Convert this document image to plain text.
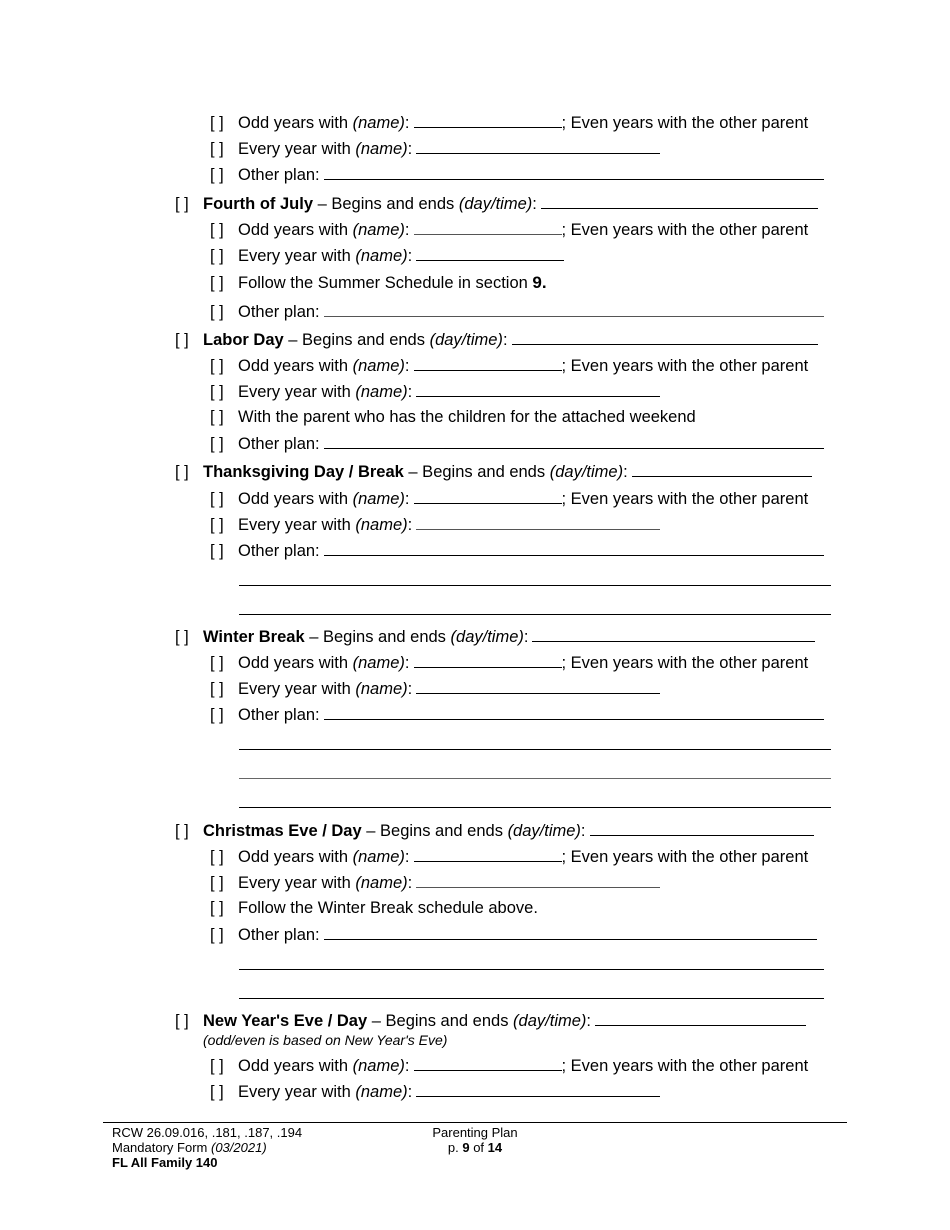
[ ] Odd years with (name):	; Even years with the other parent
[ ] Every year with (name):
[ ] Other plan:
[ ] Fourth of July – Begins and ends (day/time):
[ ] Odd years with (name):	; Even years with the other parent
[ ] Every year with (name):
[ ] Follow the Summer Schedule in section 9.
[ ] Other plan:
[ ] Labor Day – Begins and ends (day/time):
[ ] Odd years with (name):	; Even years with the other parent
[ ] Every year with (name):
[ ] With the parent who has the children for the attached weekend
[ ] Other plan:
[ ] Thanksgiving Day / Break – Begins and ends (day/time):
[ ] Odd years with (name):	; Even years with the other parent
[ ] Every year with (name):
[ ] Other plan:
[ ] Winter Break – Begins and ends (day/time):
[ ] Odd years with (name):	; Even years with the other parent
[ ] Every year with (name):
[ ] Other plan:
[ ] Christmas Eve / Day – Begins and ends (day/time):
[ ] Odd years with (name):	; Even years with the other parent
[ ] Every year with (name):
[ ] Follow the Winter Break schedule above.
[ ] Other plan:
[ ] New Year's Eve / Day – Begins and ends (day/time):
(odd/even is based on New Year's Eve)
[ ] Odd years with (name):	; Even years with the other parent
[ ] Every year with (name):
RCW 26.09.016, .181, .187, .194
Mandatory Form (03/2021)
FL All Family 140
Parenting Plan
p. 9 of 14
